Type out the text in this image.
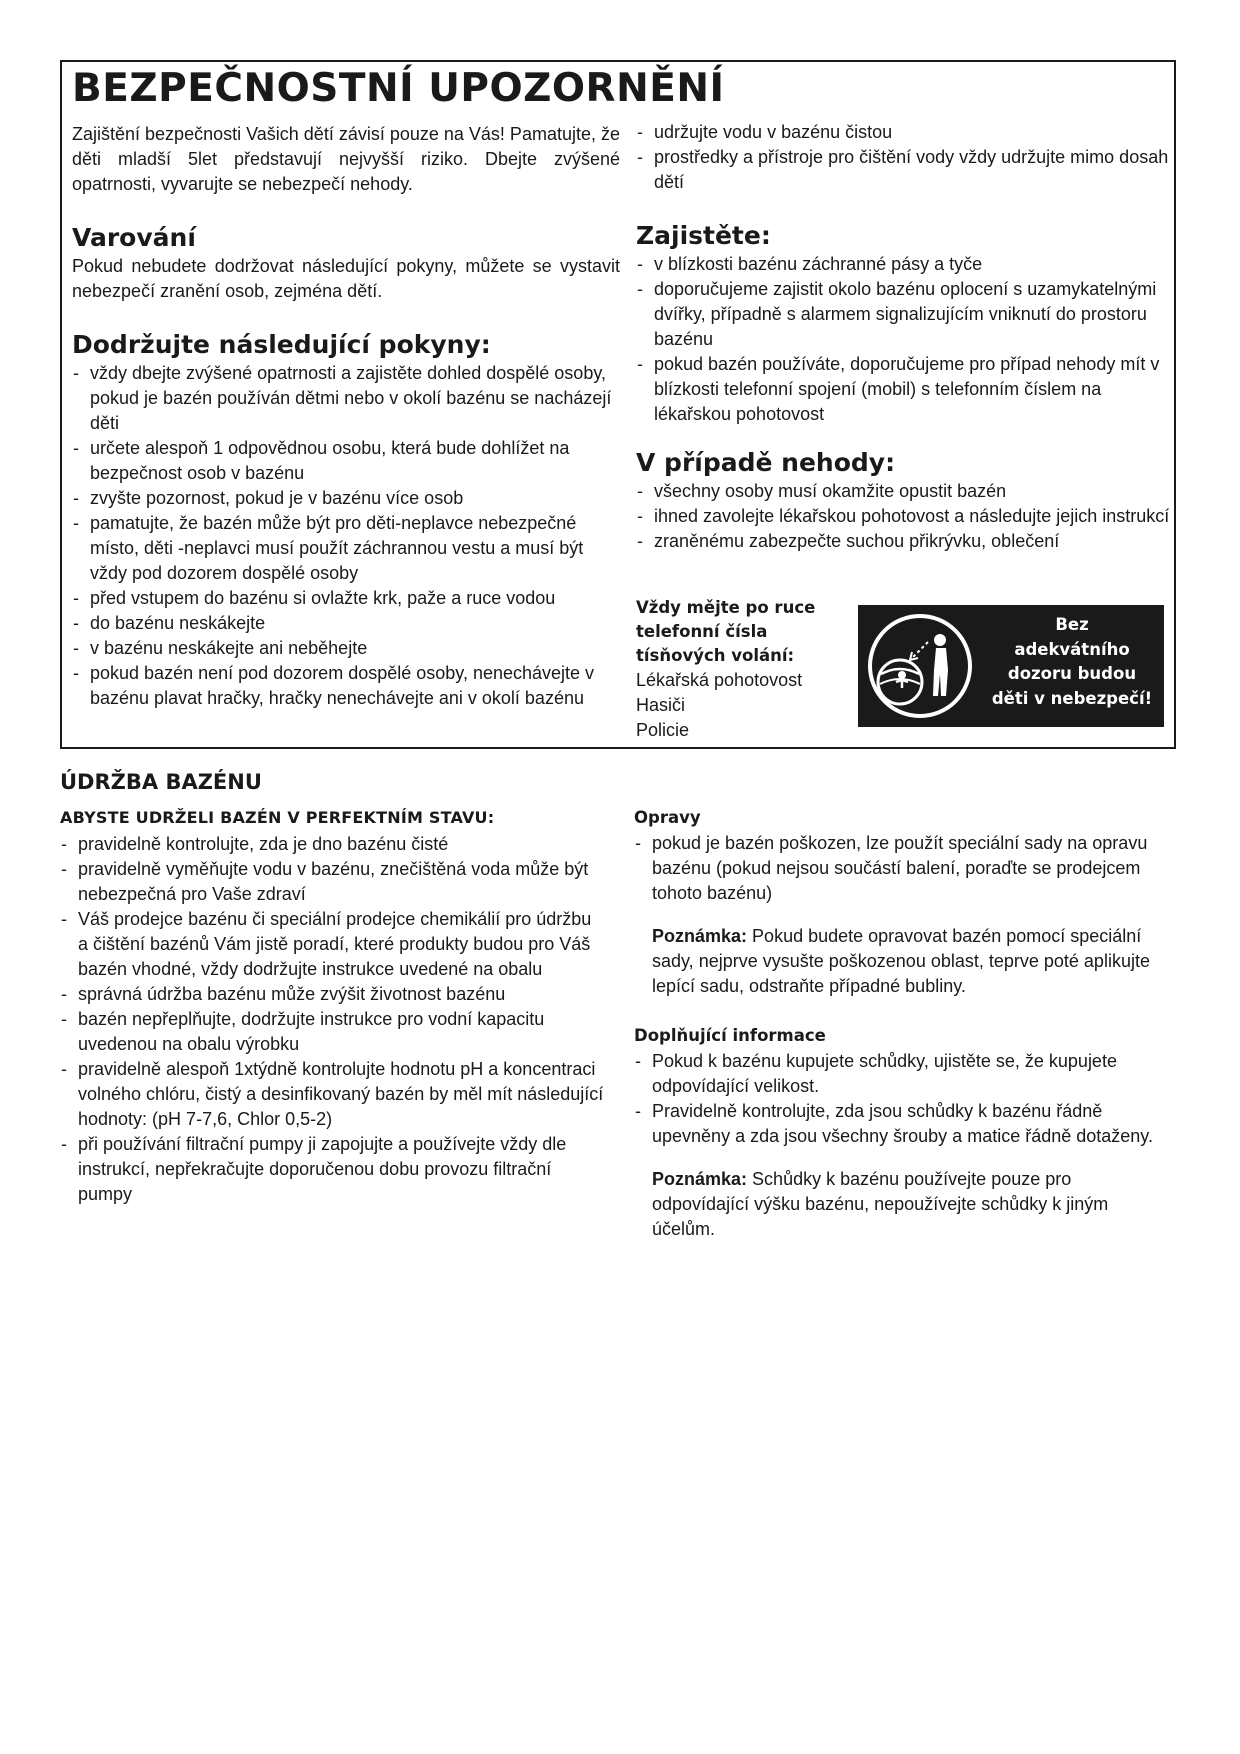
BEZPEČNOSTNÍ UPOZORNĚNÍ

Zajištění bezpečnosti Vašich dětí závisí pouze na Vás! Pamatujte, že děti mladší 5let představují nejvyšší riziko. Dbejte zvýšené opatrnosti, vyvarujte se nebezpečí nehody.

Varování

Pokud nebudete dodržovat následující pokyny, můžete se vystavit nebezpečí zranění osob, zejména dětí.

Dodržujte následující pokyny:
- vždy dbejte zvýšené opatrnosti a zajistěte dohled dospělé osoby, pokud je bazén používán dětmi nebo v okolí bazénu se nacházejí děti
- určete alespoň 1 odpovědnou osobu, která bude dohlížet na bezpečnost osob v bazénu
- zvyšte pozornost, pokud je v bazénu více osob
- pamatujte, že bazén může být pro děti-neplavce nebezpečné místo, děti -neplavci musí použít záchrannou vestu a musí být vždy pod dozorem dospělé osoby
- před vstupem do bazénu si ovlažte krk, paže a ruce vodou
- do bazénu neskákejte
- v bazénu neskákejte ani neběhejte
- pokud bazén není pod dozorem dospělé osoby, nenechávejte v bazénu plavat hračky, hračky nenechávejte ani v okolí bazénu
- udržujte vodu v bazénu čistou
- prostředky a přístroje pro čištění vody vždy udržujte mimo dosah dětí
Zajistěte:
- v blízkosti bazénu záchranné pásy a tyče
- doporučujeme zajistit okolo bazénu oplocení s uzamykatelnými dvířky, případně s alarmem signalizujícím vniknutí do prostoru bazénu
- pokud bazén používáte, doporučujeme pro případ nehody mít v blízkosti telefonní spojení (mobil) s telefonním číslem na lékařskou pohotovost
V případě nehody:
- všechny osoby musí okamžite opustit bazén
- ihned zavolejte lékařskou pohotovost a následujte jejich instrukcí
- zraněnému zabezpečte suchou přikrývku, oblečení
Vždy mějte po ruce
telefonní čísla
tísňových volání:
Lékařská pohotovost
Hasiči
Policie
Bez
adekvátního
dozoru budou
děti v nebezpečí!
ÚDRŽBA BAZÉNU
ABYSTE UDRŽELI BAZÉN V PERFEKTNÍM STAVU:
- pravidelně kontrolujte, zda je dno bazénu čisté
- pravidelně vyměňujte vodu v bazénu, znečištěná voda může být nebezpečná pro Vaše zdraví
- Váš prodejce bazénu či speciální prodejce chemikálií pro údržbu a čištění bazénů Vám jistě poradí, které produkty budou pro Váš bazén vhodné, vždy dodržujte instrukce uvedené na obalu
- správná údržba bazénu může zvýšit životnost bazénu
- bazén nepřeplňujte, dodržujte instrukce pro vodní kapacitu uvedenou na obalu výrobku
- pravidelně alespoň 1xtýdně kontrolujte hodnotu pH a koncentraci volného chlóru, čistý a desinfikovaný bazén by měl mít následující hodnoty: (pH 7-7,6, Chlor 0,5-2)
- při používání filtrační pumpy ji zapojujte a používejte vždy dle instrukcí, nepřekračujte doporučenou dobu provozu filtrační pumpy
Opravy
- pokud je bazén poškozen, lze použít speciální sady na opravu bazénu (pokud nejsou součástí balení, poraďte se prodejcem tohoto bazénu)

Poznámka: Pokud budete opravovat bazén pomocí speciální sady, nejprve vysušte poškozenou oblast, teprve poté aplikujte lepící sadu, odstraňte případné bubliny.

Doplňující informace
- Pokud k bazénu kupujete schůdky, ujistěte se, že kupujete odpovídající velikost.
- Pravidelně kontrolujte, zda jsou schůdky k bazénu řádně upevněny a zda jsou všechny šrouby a matice řádně dotaženy.

Poznámka: Schůdky k bazénu používejte pouze pro odpovídající výšku bazénu, nepoužívejte schůdky k jiným účelům.
